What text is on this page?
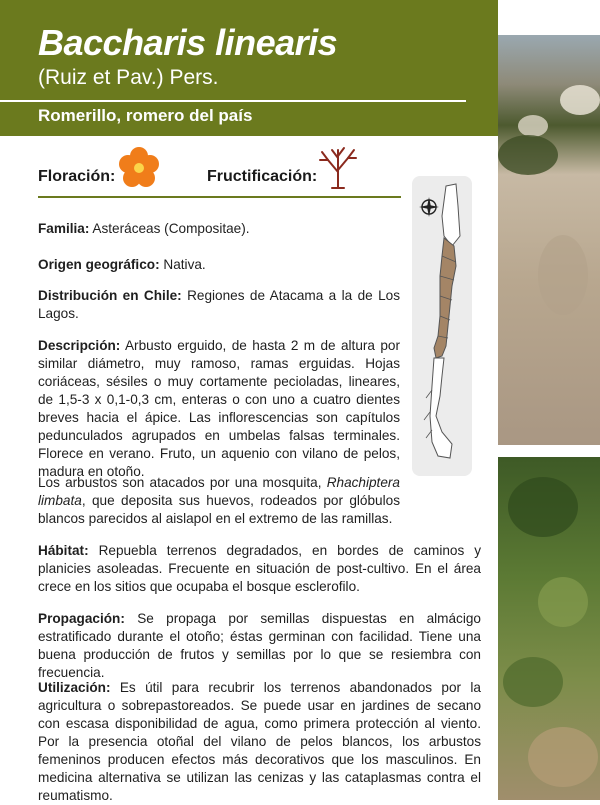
Baccharis linearis
(Ruiz et Pav.) Pers.
Romerillo, romero del país
Floración:	Fructificación:
Familia: Asteráceas (Compositae).
Origen geográfico: Nativa.
Distribución en Chile: Regiones de Atacama a la de Los Lagos.
Descripción: Arbusto erguido, de hasta 2 m de altura por similar diámetro, muy ramoso, ramas erguidas. Hojas coriáceas, sésiles o muy cortamente pecioladas, lineares, de 1,5-3 x 0,1-0,3 cm, enteras o con uno a cuatro dientes breves hacia el ápice. Las inflorescencias son capítulos pedunculados agrupados en umbelas falsas terminales. Florece en verano. Fruto, un aquenio con vilano de pelos, madura en otoño.
Los arbustos son atacados por una mosquita, Rhachiptera limbata, que deposita sus huevos, rodeados por glóbulos blancos parecidos al aislapol en el extremo de las ramillas.
Hábitat: Repuebla terrenos degradados, en bordes de caminos y planicies asoleadas. Frecuente en situación de post-cultivo. En el área crece en los sitios que ocupaba el bosque esclerofilo.
Propagación: Se propaga por semillas dispuestas en almácigo estratificado durante el otoño; éstas germinan con facilidad. Tiene una buena producción de frutos y semillas por lo que se resiembra con frecuencia.
Utilización: Es útil para recubrir los terrenos abandonados por la agricultura o sobrepastoreados. Se puede usar en jardines de secano con escasa disponibilidad de agua, como primera protección al viento. Por la presencia otoñal del vilano de pelos blancos, los arbustos femeninos producen efectos más decorativos que los masculinos. En medicina alternativa se utilizan las cenizas y las cataplasmas contra el reumatismo.
